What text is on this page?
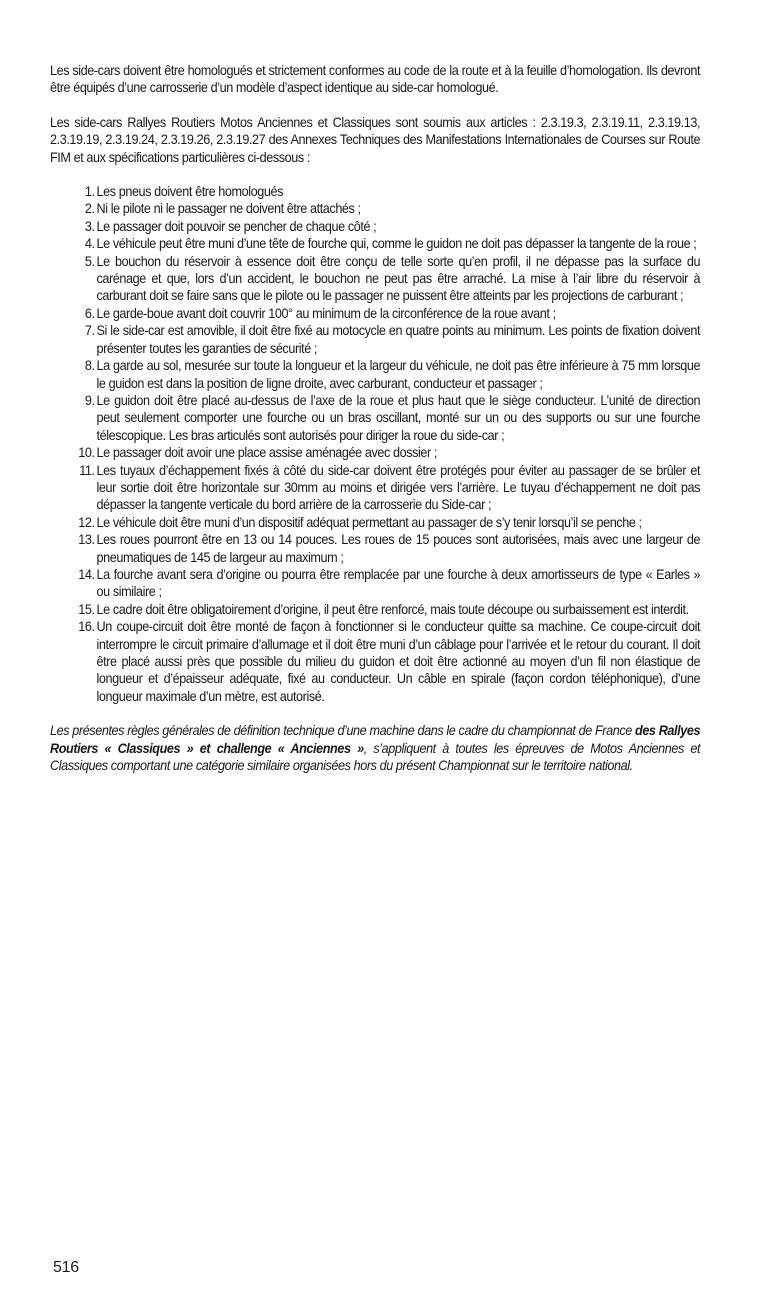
Les side-cars doivent être homologués et strictement conformes au code de la route et à la feuille d’homologation. Ils devront être équipés d’une carrosserie d’un modèle d’aspect identique au side-car homologué.

Les side-cars Rallyes Routiers Motos Anciennes et Classiques sont soumis aux articles : 2.3.19.3, 2.3.19.11, 2.3.19.13, 2.3.19.19, 2.3.19.24, 2.3.19.26, 2.3.19.27 des Annexes Techniques des Manifestations Internationales de Courses sur Route FIM et aux spécifications particulières ci-dessous :

1. Les pneus doivent être homologués
2. Ni le pilote ni le passager ne doivent être attachés ;
3. Le passager doit pouvoir se pencher de chaque côté ;
4. Le véhicule peut être muni d’une tête de fourche qui, comme le guidon ne doit pas dépasser la tangente de la roue ;
5. Le bouchon du réservoir à essence doit être conçu de telle sorte qu’en profil, il ne dépasse pas la surface du carénage et que, lors d’un accident, le bouchon ne peut pas être arraché. La mise à l’air libre du réservoir à carburant doit se faire sans que le pilote ou le passager ne puissent être atteints par les projections de carburant ;
6. Le garde-boue avant doit couvrir 100° au minimum de la circonférence de la roue avant ;
7. Si le side-car est amovible, il doit être fixé au motocycle en quatre points au minimum. Les points de fixation doivent présenter toutes les garanties de sécurité ;
8. La garde au sol, mesurée sur toute la longueur et la largeur du véhicule, ne doit pas être inférieure à 75 mm lorsque le guidon est dans la position de ligne droite, avec carburant, conducteur et passager ;
9. Le guidon doit être placé au-dessus de l’axe de la roue et plus haut que le siège conducteur. L’unité de direction peut seulement comporter une fourche ou un bras oscillant, monté sur un ou des supports ou sur une fourche télescopique. Les bras articulés sont autorisés pour diriger la roue du side-car ;
10. Le passager doit avoir une place assise aménagée avec dossier ;
11. Les tuyaux d’échappement fixés à côté du side-car doivent être protégés pour éviter au passager de se brûler et leur sortie doit être horizontale sur 30mm au moins et dirigée vers l’arrière. Le tuyau d’échappement ne doit pas dépasser la tangente verticale du bord arrière de la carrosserie du Side-car ;
12. Le véhicule doit être muni d’un dispositif adéquat permettant au passager de s’y tenir lorsqu’il se penche ;
13. Les roues pourront être en 13 ou 14 pouces. Les roues de 15 pouces sont autorisées, mais avec une largeur de pneumatiques de 145 de largeur au maximum ;
14. La fourche avant sera d’origine ou pourra être remplacée par une fourche à deux amortisseurs de type « Earles » ou similaire ;
15. Le cadre doit être obligatoirement d’origine, il peut être renforcé, mais toute découpe ou surbaissement est interdit.
16. Un coupe-circuit doit être monté de façon à fonctionner si le conducteur quitte sa machine. Ce coupe-circuit doit interrompre le circuit primaire d’allumage et il doit être muni d’un câblage pour l’arrivée et le retour du courant. Il doit être placé aussi près que possible du milieu du guidon et doit être actionné au moyen d’un fil non élastique de longueur et d’épaisseur adéquate, fixé au conducteur. Un câble en spirale (façon cordon téléphonique), d’une longueur maximale d’un mètre, est autorisé.

Les présentes règles générales de définition technique d’une machine dans le cadre du championnat de France des Rallyes Routiers « Classiques » et challenge « Anciennes », s’appliquent à toutes les épreuves de Motos Anciennes et Classiques comportant une catégorie similaire organisées hors du présent Championnat sur le territoire national.

516
